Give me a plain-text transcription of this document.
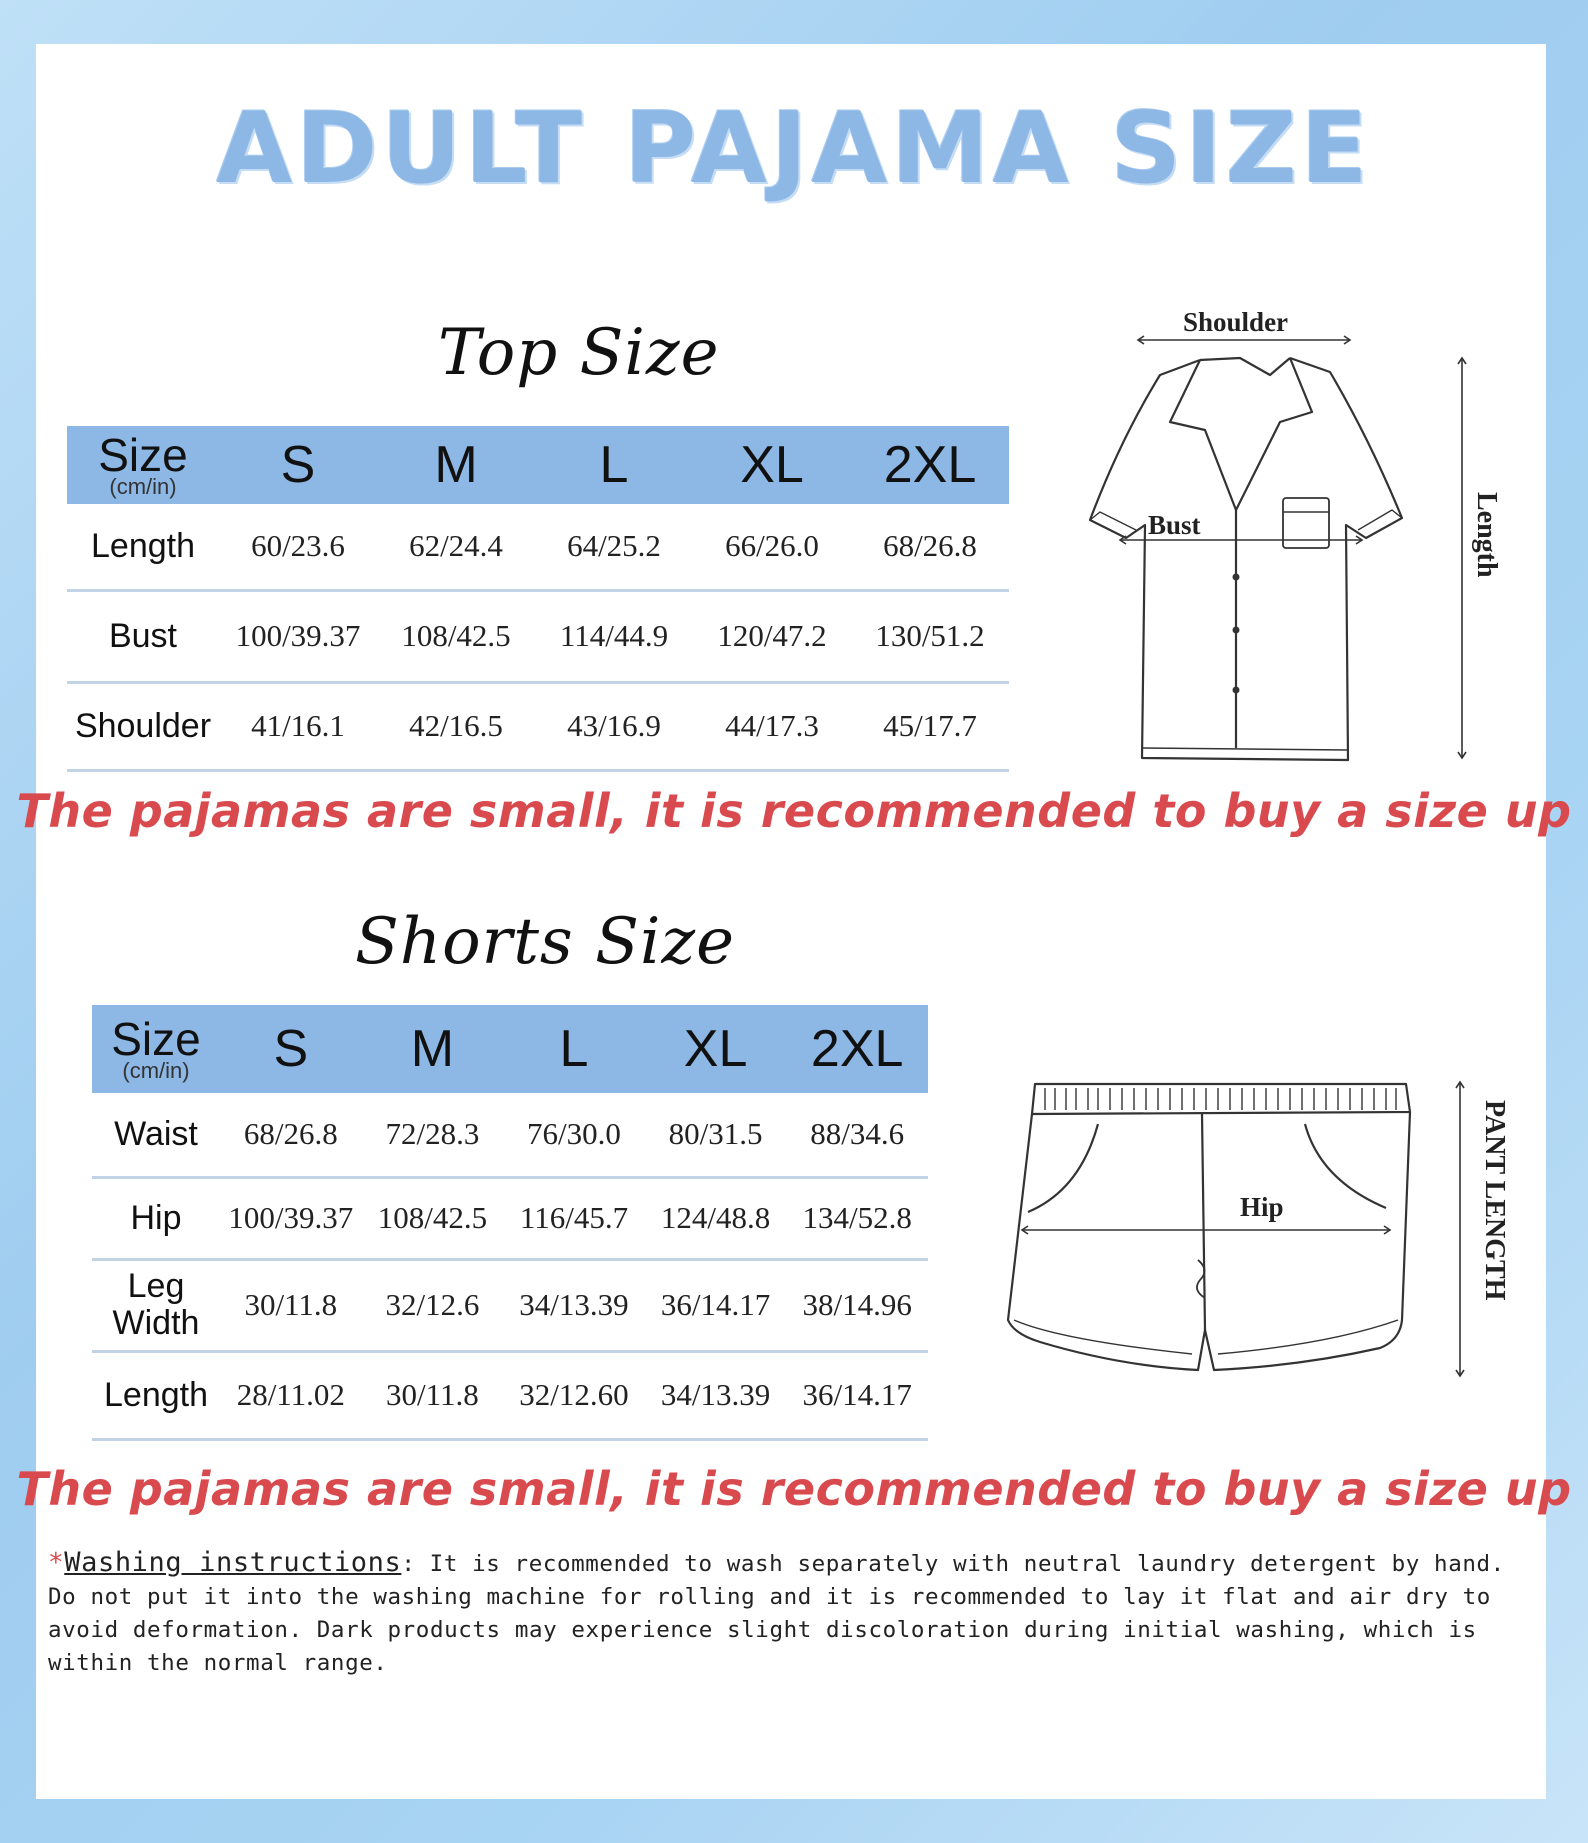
ADULT PAJAMA SIZE
Top Size
Size
(cm/in)	S	M	L	XL	2XL
Length	60/23.6	62/24.4	64/25.2	66/26.0	68/26.8
Bust	100/39.37	108/42.5	114/44.9	120/47.2	130/51.2
Shoulder	41/16.1	42/16.5	43/16.9	44/17.3	45/17.7
Shoulder
Bust	Length
The pajamas are small, it is recommended to buy a size up
Shorts Size
Size
(cm/in)	S	M	L	XL	2XL
Waist	68/26.8	72/28.3	76/30.0	80/31.5	88/34.6
Hip	100/39.37	108/42.5	116/45.7	124/48.8	134/52.8
Leg Width	30/11.8	32/12.6	34/13.39	36/14.17	38/14.96
Length	28/11.02	30/11.8	32/12.60	34/13.39	36/14.17
Hip	PANT LENGTH
The pajamas are small, it is recommended to buy a size up
*Washing instructions: It is recommended to wash separately with neutral laundry detergent by hand. Do not put it into the washing machine for rolling and it is recommended to lay it flat and air dry to avoid deformation. Dark products may experience slight discoloration during initial washing, which is within the normal range.
